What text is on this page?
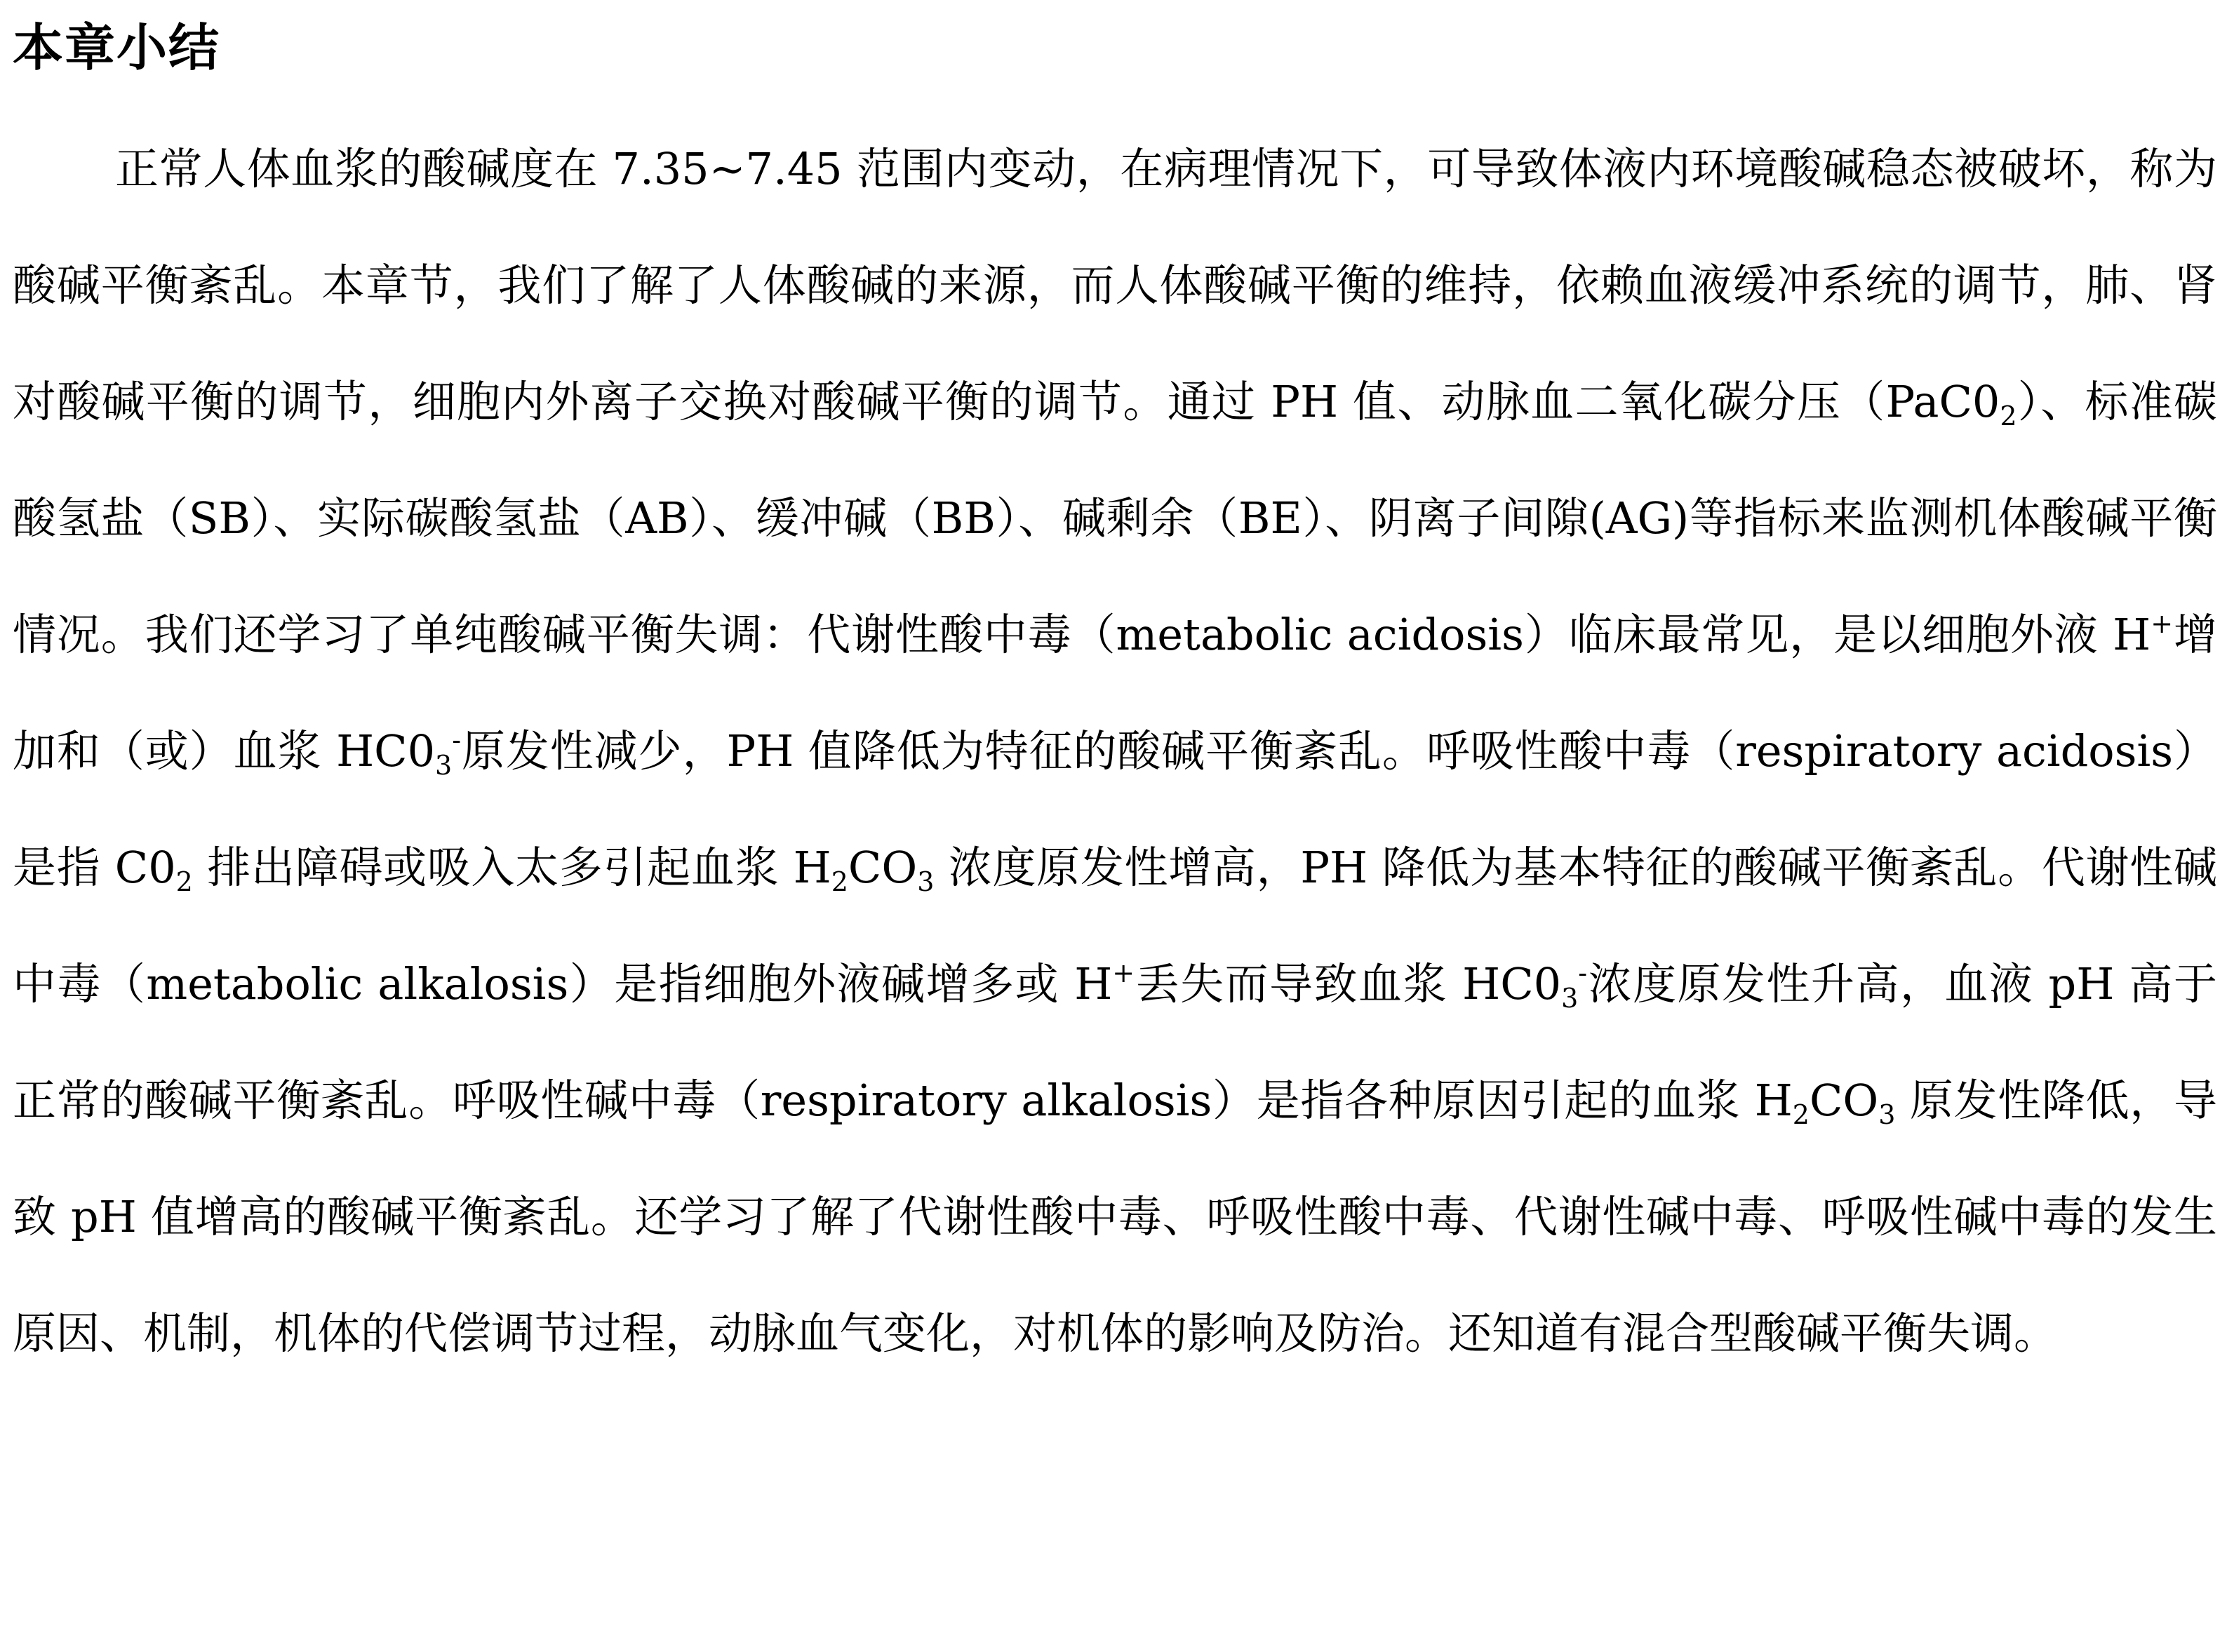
本章小结

正常人体血浆的酸碱度在 7.35~7.45 范围内变动，在病理情况下，可导致体液内环境酸碱稳态被破坏，称为酸碱平衡紊乱。本章节，我们了解了人体酸碱的来源，而人体酸碱平衡的维持，依赖血液缓冲系统的调节，肺、肾对酸碱平衡的调节，细胞内外离子交换对酸碱平衡的调节。通过 PH 值、动脉血二氧化碳分压$(PaC0_2)$、标准碳酸氢盐（SB）、实际碳酸氢盐（AB）、缓冲碱（BB）、碱剩余（BE）、阴离子间隙(AG)等指标来监测机体酸碱平衡情况。我们还学习了单纯酸碱平衡失调：代谢性酸中毒（metabolic acidosis）临床最常见，是以细胞外液 H+增加和（或）血浆 $HC0_3^-$原发性减少，PH 值降低为特征的酸碱平衡紊乱。呼吸性酸中毒（respiratory acidosis）是指 $C0_2$ 排出障碍或吸入太多引起血浆 $H_2CO_3$ 浓度原发性增高，PH 降低为基本特征的酸碱平衡紊乱。代谢性碱中毒（metabolic alkalosis）是指细胞外液碱增多或 H+丢失而导致血浆 $HC0_3^-$浓度原发性升高，血液 pH 高于正常的酸碱平衡紊乱。呼吸性碱中毒（respiratory alkalosis）是指各种原因引起的血浆 $H_2CO_3$ 原发性降低，导致 pH 值增高的酸碱平衡紊乱。还学习了解了代谢性酸中毒、呼吸性酸中毒、代谢性碱中毒、呼吸性碱中毒的发生原因、机制，机体的代偿调节过程，动脉血气变化，对机体的影响及防治。还知道有混合型酸碱平衡失调。
